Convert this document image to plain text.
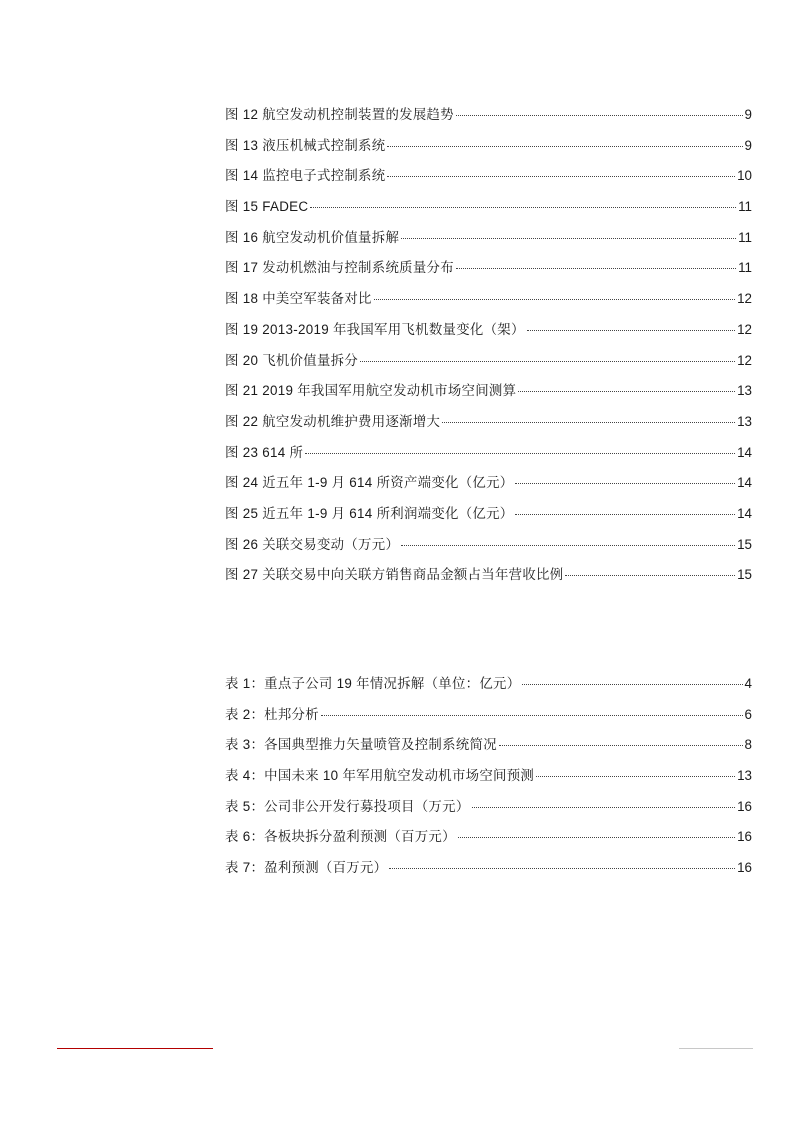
图 12 航空发动机控制装置的发展趋势	9
图 13 液压机械式控制系统	9
图 14 监控电子式控制系统	10
图 15 FADEC	11
图 16 航空发动机价值量拆解	11
图 17 发动机燃油与控制系统质量分布	11
图 18 中美空军装备对比	12
图 19 2013-2019 年我国军用飞机数量变化（架）	12
图 20 飞机价值量拆分	12
图 21 2019 年我国军用航空发动机市场空间测算	13
图 22 航空发动机维护费用逐渐增大	13
图 23 614 所	14
图 24 近五年 1-9 月 614 所资产端变化（亿元）	14
图 25 近五年 1-9 月 614 所利润端变化（亿元）	14
图 26 关联交易变动（万元）	15
图 27 关联交易中向关联方销售商品金额占当年营收比例	15
表 1：重点子公司 19 年情况拆解（单位：亿元）	4
表 2：杜邦分析	6
表 3：各国典型推力矢量喷管及控制系统简况	8
表 4：中国未来 10 年军用航空发动机市场空间预测	13
表 5：公司非公开发行募投项目（万元）	16
表 6：各板块拆分盈利预测（百万元）	16
表 7：盈利预测（百万元）	16
